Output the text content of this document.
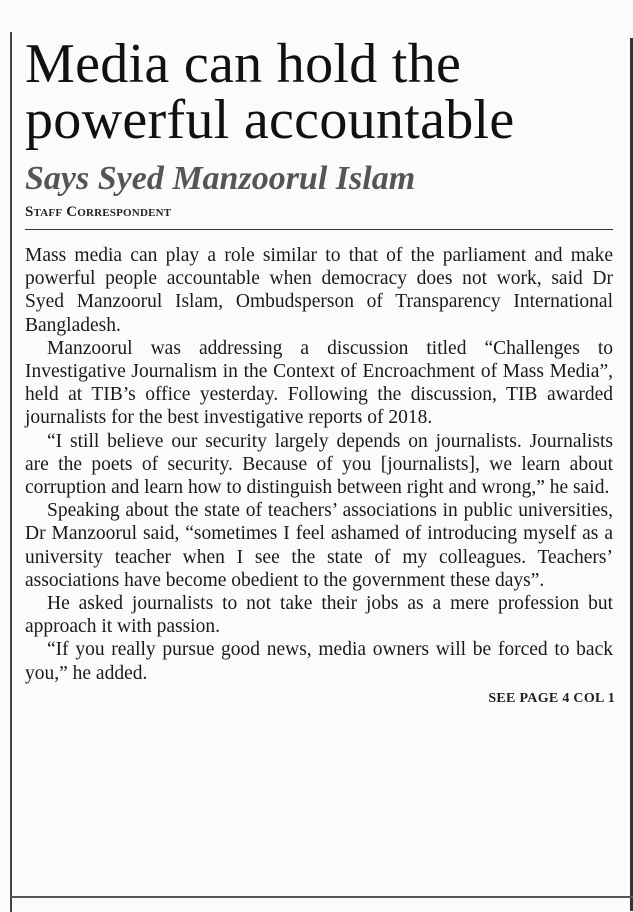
Media can hold the
powerful accountable
Says Syed Manzoorul Islam
Staff Correspondent

Mass media can play a role similar to that of the parliament and make powerful people accountable when democracy does not work, said Dr Syed Manzoorul Islam, Ombudsperson of Transparency International Bangladesh.

Manzoorul was addressing a discussion titled “Challenges to Investigative Journalism in the Context of Encroachment of Mass Media”, held at TIB’s office yesterday. Following the discussion, TIB awarded journalists for the best investigative reports of 2018.

“I still believe our security largely depends on journalists. Journalists are the poets of security. Because of you [journalists], we learn about corruption and learn how to distinguish between right and wrong,” he said.

Speaking about the state of teachers’ associations in public universities, Dr Manzoorul said, “sometimes I feel ashamed of introducing myself as a university teacher when I see the state of my colleagues. Teachers’ associations have become obedient to the government these days”.

He asked journalists to not take their jobs as a mere profession but approach it with passion.

“If you really pursue good news, media owners will be forced to back you,” he added.

SEE PAGE 4 COL 1
